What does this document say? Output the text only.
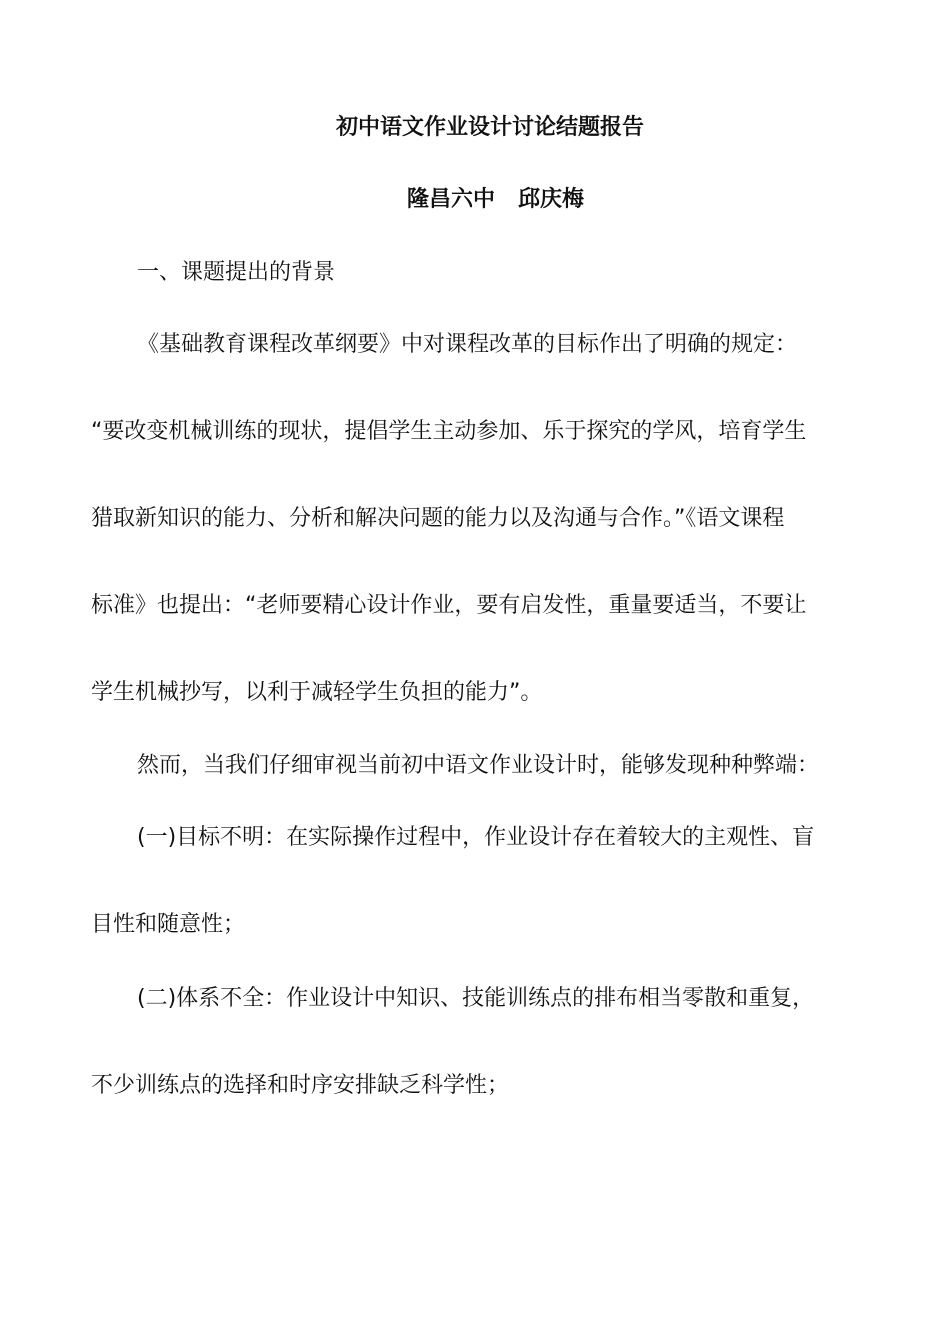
初中语文作业设计讨论结题报告
隆昌六中   邱庆梅
一、课题提出的背景
《基础教育课程改革纲要》中对课程改革的目标作出了明确的规定：
“要改变机械训练的现状，提倡学生主动参加、乐于探究的学风，培育学生
猎取新知识的能力、分析和解决问题的能力以及沟通与合作。”《语文课程
标准》也提出：“老师要精心设计作业，要有启发性，重量要适当，不要让
学生机械抄写，以利于减轻学生负担的能力”。
然而，当我们仔细审视当前初中语文作业设计时，能够发现种种弊端：
(一)目标不明：在实际操作过程中，作业设计存在着较大的主观性、盲
目性和随意性；
(二)体系不全：作业设计中知识、技能训练点的排布相当零散和重复，
不少训练点的选择和时序安排缺乏科学性；
